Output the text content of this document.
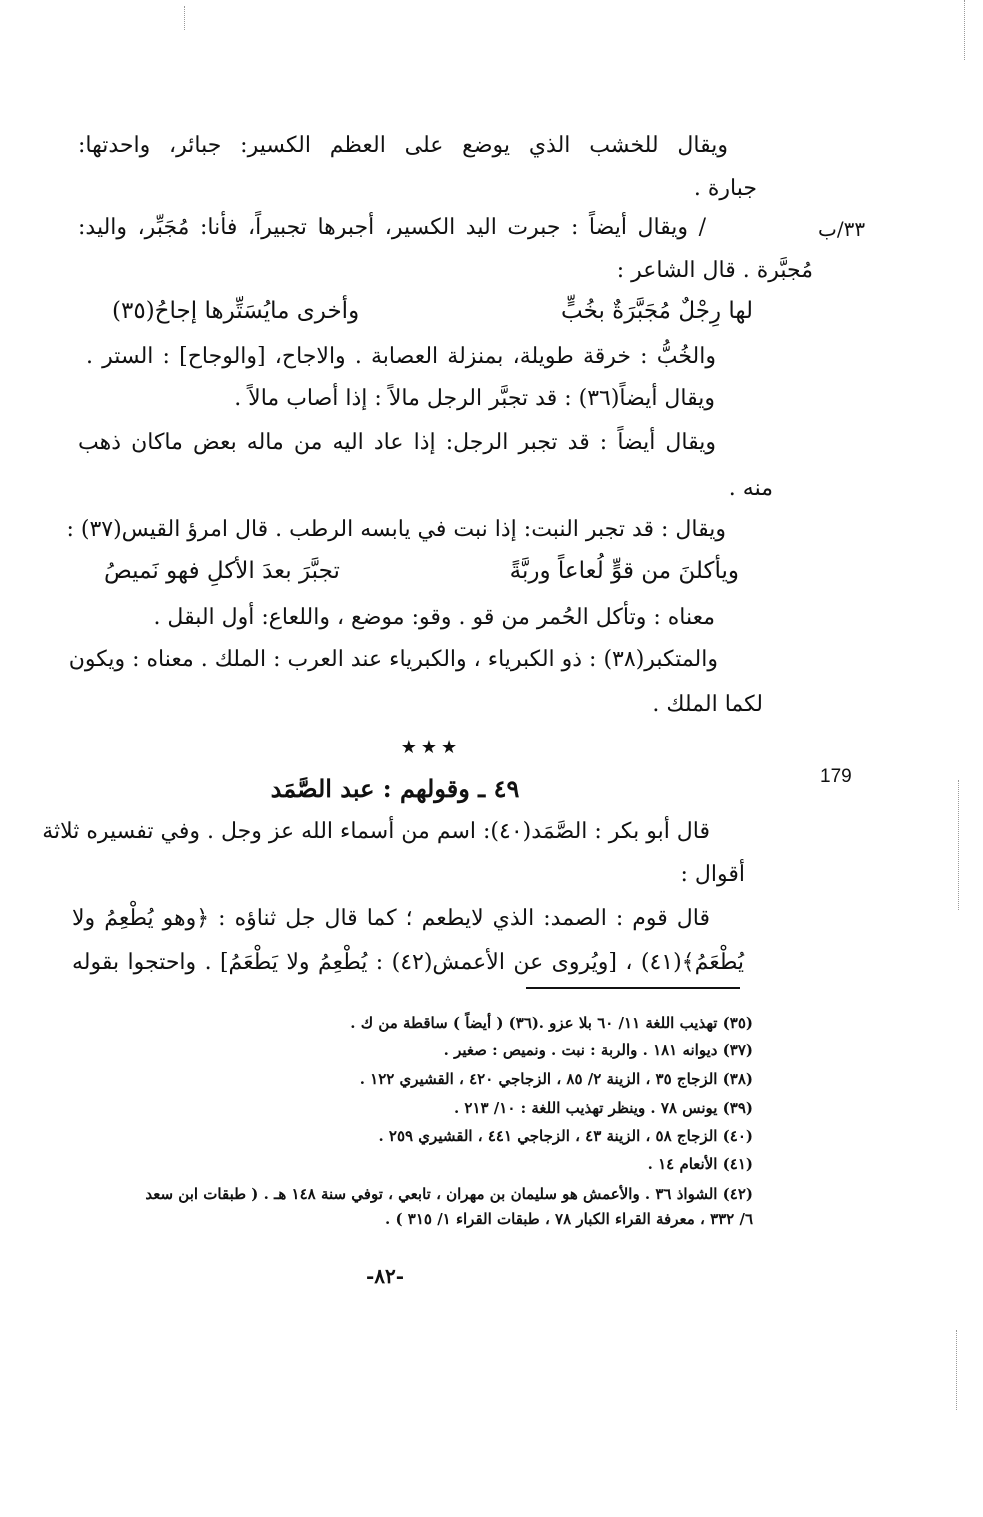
ويقال للخشب الذي يوضع على العظم الكسير: جبائر، واحدتها:
جبارة .
/ ويقال أيضاً : جبرت اليد الكسير، أجبرها تجبيراً، فأنا: مُجَبِّر، واليد:
مُجبَّرة . قال الشاعر :
لها رِجْلٌ مُجَبَّرَةٌ بخُبٍّ
وأخرى مايُسَتِّرها إجاحُ(٣٥)
والخُبُّ : خرقة طويلة، بمنزلة العصابة . والاجاح، [والوجاح] : الستر .
ويقال أيضاً(٣٦) : قد تجبَّر الرجل مالاً : إذا أصاب مالاً .
ويقال أيضاً : قد تجبر الرجل: إذا عاد اليه من ماله بعض ماكان ذهب
منه .
ويقال : قد تجبر النبت: إذا نبت في يابسه الرطب . قال امرؤ القيس(٣٧) :
ويأكلنَ من قوٍّ لُعاعاً وربَّةً
تجبَّرَ بعدَ الأكلِ فهو نَميصُ
معناه : وتأكل الحُمر من قو . وقو: موضع ، واللعاع: أول البقل .
والمتكبر(٣٨) : ذو الكبرياء ، والكبرياء عند العرب : الملك . معناه : ويكون
لكما الملك .
★★★
٤٩ ـ وقولهم : عبد الصَّمَد
قال أبو بكر : الصَّمَد(٤٠): اسم من أسماء الله عز وجل . وفي تفسيره ثلاثة
أقوال :
قال قوم : الصمد: الذي لايطعم ؛ كما قال جل ثناؤه : ﴿وهو يُطْعِمُ ولا
يُطْعَمُ﴾(٤١) ، [ويُروى عن الأعمش(٤٢) : يُطْعِمُ ولا يَطْعَمُ] . واحتجوا بقوله
٣٣/ب
179
(٣٥) تهذيب اللغة ١١/ ٦٠ بلا عزو .
(٣٦) ( أيضاً ) ساقطة من ك .
(٣٧) ديوانه ١٨١ . والربة : نبت . ونميص : صغير .
(٣٨) الزجاج ٣٥ ، الزينة ٢/ ٨٥ ، الزجاجي ٤٢٠ ، القشيري ١٢٢ .
(٣٩) يونس ٧٨ . وينظر تهذيب اللغة : ١٠/ ٢١٣ .
(٤٠) الزجاج ٥٨ ، الزينة ٤٣ ، الزجاجي ٤٤١ ، القشيري ٢٥٩ .
(٤١) الأنعام ١٤ .
(٤٢) الشواذ ٣٦ . والأعمش هو سليمان بن مهران ، تابعي ، توفي سنة ١٤٨ هـ . ( طبقات ابن سعد
٦/ ٣٣٢ ، معرفة القراء الكبار ٧٨ ، طبقات القراء ١/ ٣١٥ ) .
-٨٢-
